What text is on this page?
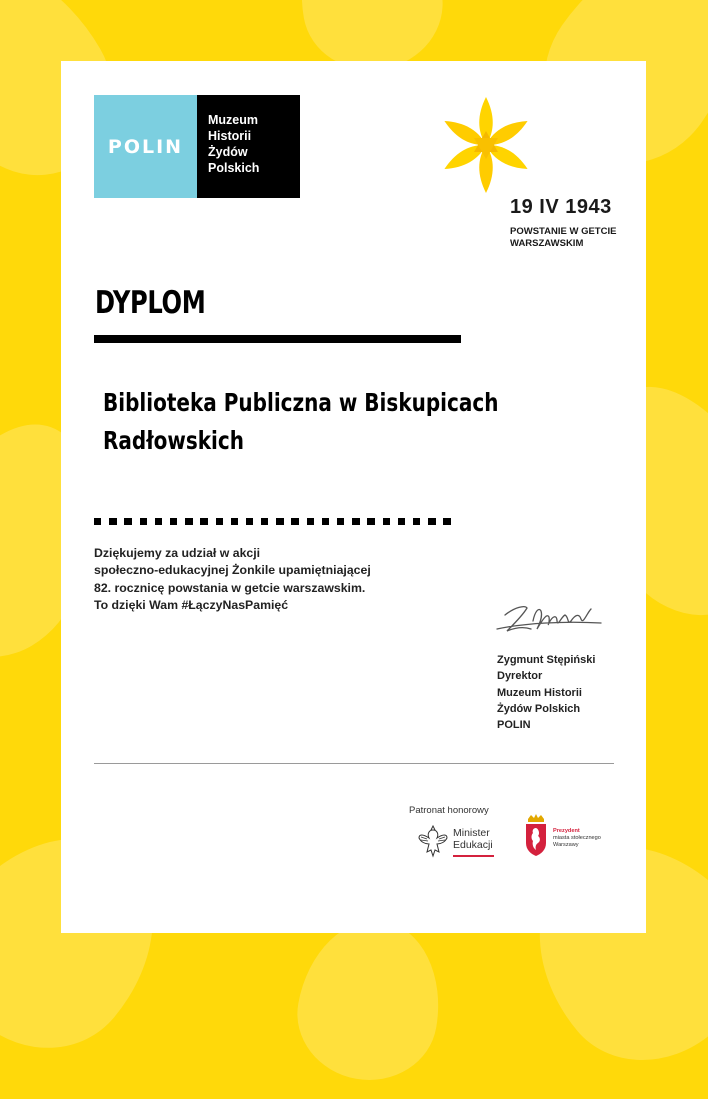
POLIN
Muzeum
Historii
Żydów
Polskich
19 IV 1943
POWSTANIE W GETCIE
WARSZAWSKIM
DYPLOM
Biblioteka Publiczna w Biskupicach
Radłowskich
Dziękujemy za udział w akcji
społeczno-edukacyjnej Żonkile upamiętniającej
82. rocznicę powstania w getcie warszawskim.
To dzięki Wam #ŁączyNasPamięć
Zygmunt Stępiński
Dyrektor
Muzeum Historii
Żydów Polskich
POLIN
Patronat honorowy
Minister
Edukacji
Prezydent
miasta stołecznego
Warszawy
